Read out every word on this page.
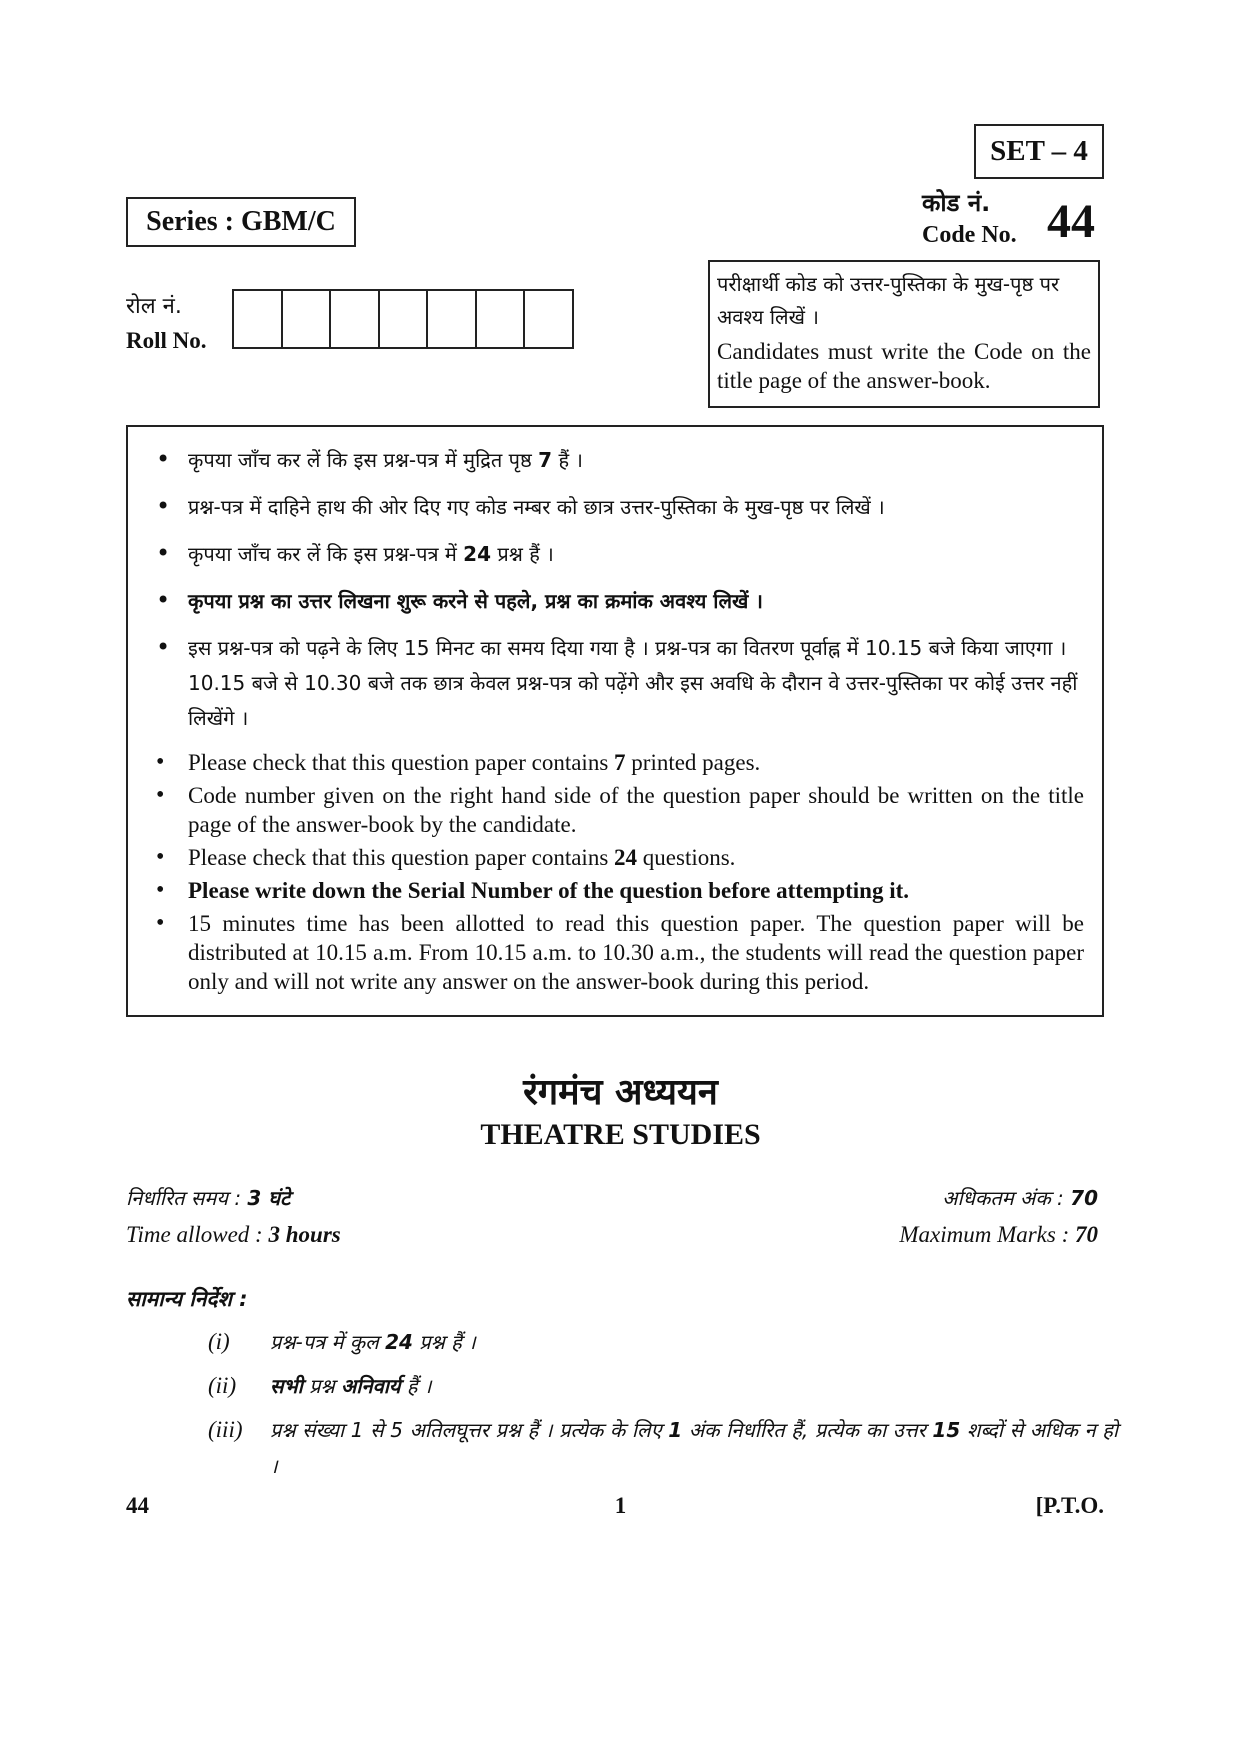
SET – 4
कोड नं.
Code No. 44
Series : GBM/C
रोल नं.
Roll No.
परीक्षार्थी कोड को उत्तर-पुस्तिका के मुख-पृष्ठ पर अवश्य लिखें ।
Candidates must write the Code on the title page of the answer-book.
• कृपया जाँच कर लें कि इस प्रश्न-पत्र में मुद्रित पृष्ठ 7 हैं ।
• प्रश्न-पत्र में दाहिने हाथ की ओर दिए गए कोड नम्बर को छात्र उत्तर-पुस्तिका के मुख-पृष्ठ पर लिखें ।
• कृपया जाँच कर लें कि इस प्रश्न-पत्र में 24 प्रश्न हैं ।
• कृपया प्रश्न का उत्तर लिखना शुरू करने से पहले, प्रश्न का क्रमांक अवश्य लिखें ।
• इस प्रश्न-पत्र को पढ़ने के लिए 15 मिनट का समय दिया गया है । प्रश्न-पत्र का वितरण पूर्वाह्न में 10.15 बजे किया जाएगा । 10.15 बजे से 10.30 बजे तक छात्र केवल प्रश्न-पत्र को पढ़ेंगे और इस अवधि के दौरान वे उत्तर-पुस्तिका पर कोई उत्तर नहीं लिखेंगे ।
• Please check that this question paper contains 7 printed pages.
• Code number given on the right hand side of the question paper should be written on the title page of the answer-book by the candidate.
• Please check that this question paper contains 24 questions.
• Please write down the Serial Number of the question before attempting it.
• 15 minutes time has been allotted to read this question paper. The question paper will be distributed at 10.15 a.m. From 10.15 a.m. to 10.30 a.m., the students will read the question paper only and will not write any answer on the answer-book during this period.
रंगमंच अध्ययन
THEATRE STUDIES
निर्धारित समय : 3 घंटे
Time allowed : 3 hours
अधिकतम अंक : 70
Maximum Marks : 70
सामान्य निर्देश :
(i) प्रश्न-पत्र में कुल 24 प्रश्न हैं ।
(ii) सभी प्रश्न अनिवार्य हैं ।
(iii) प्रश्न संख्या 1 से 5 अतिलघूत्तर प्रश्न हैं । प्रत्येक के लिए 1 अंक निर्धारित हैं, प्रत्येक का उत्तर 15 शब्दों से अधिक न हो ।
44	1	[P.T.O.
